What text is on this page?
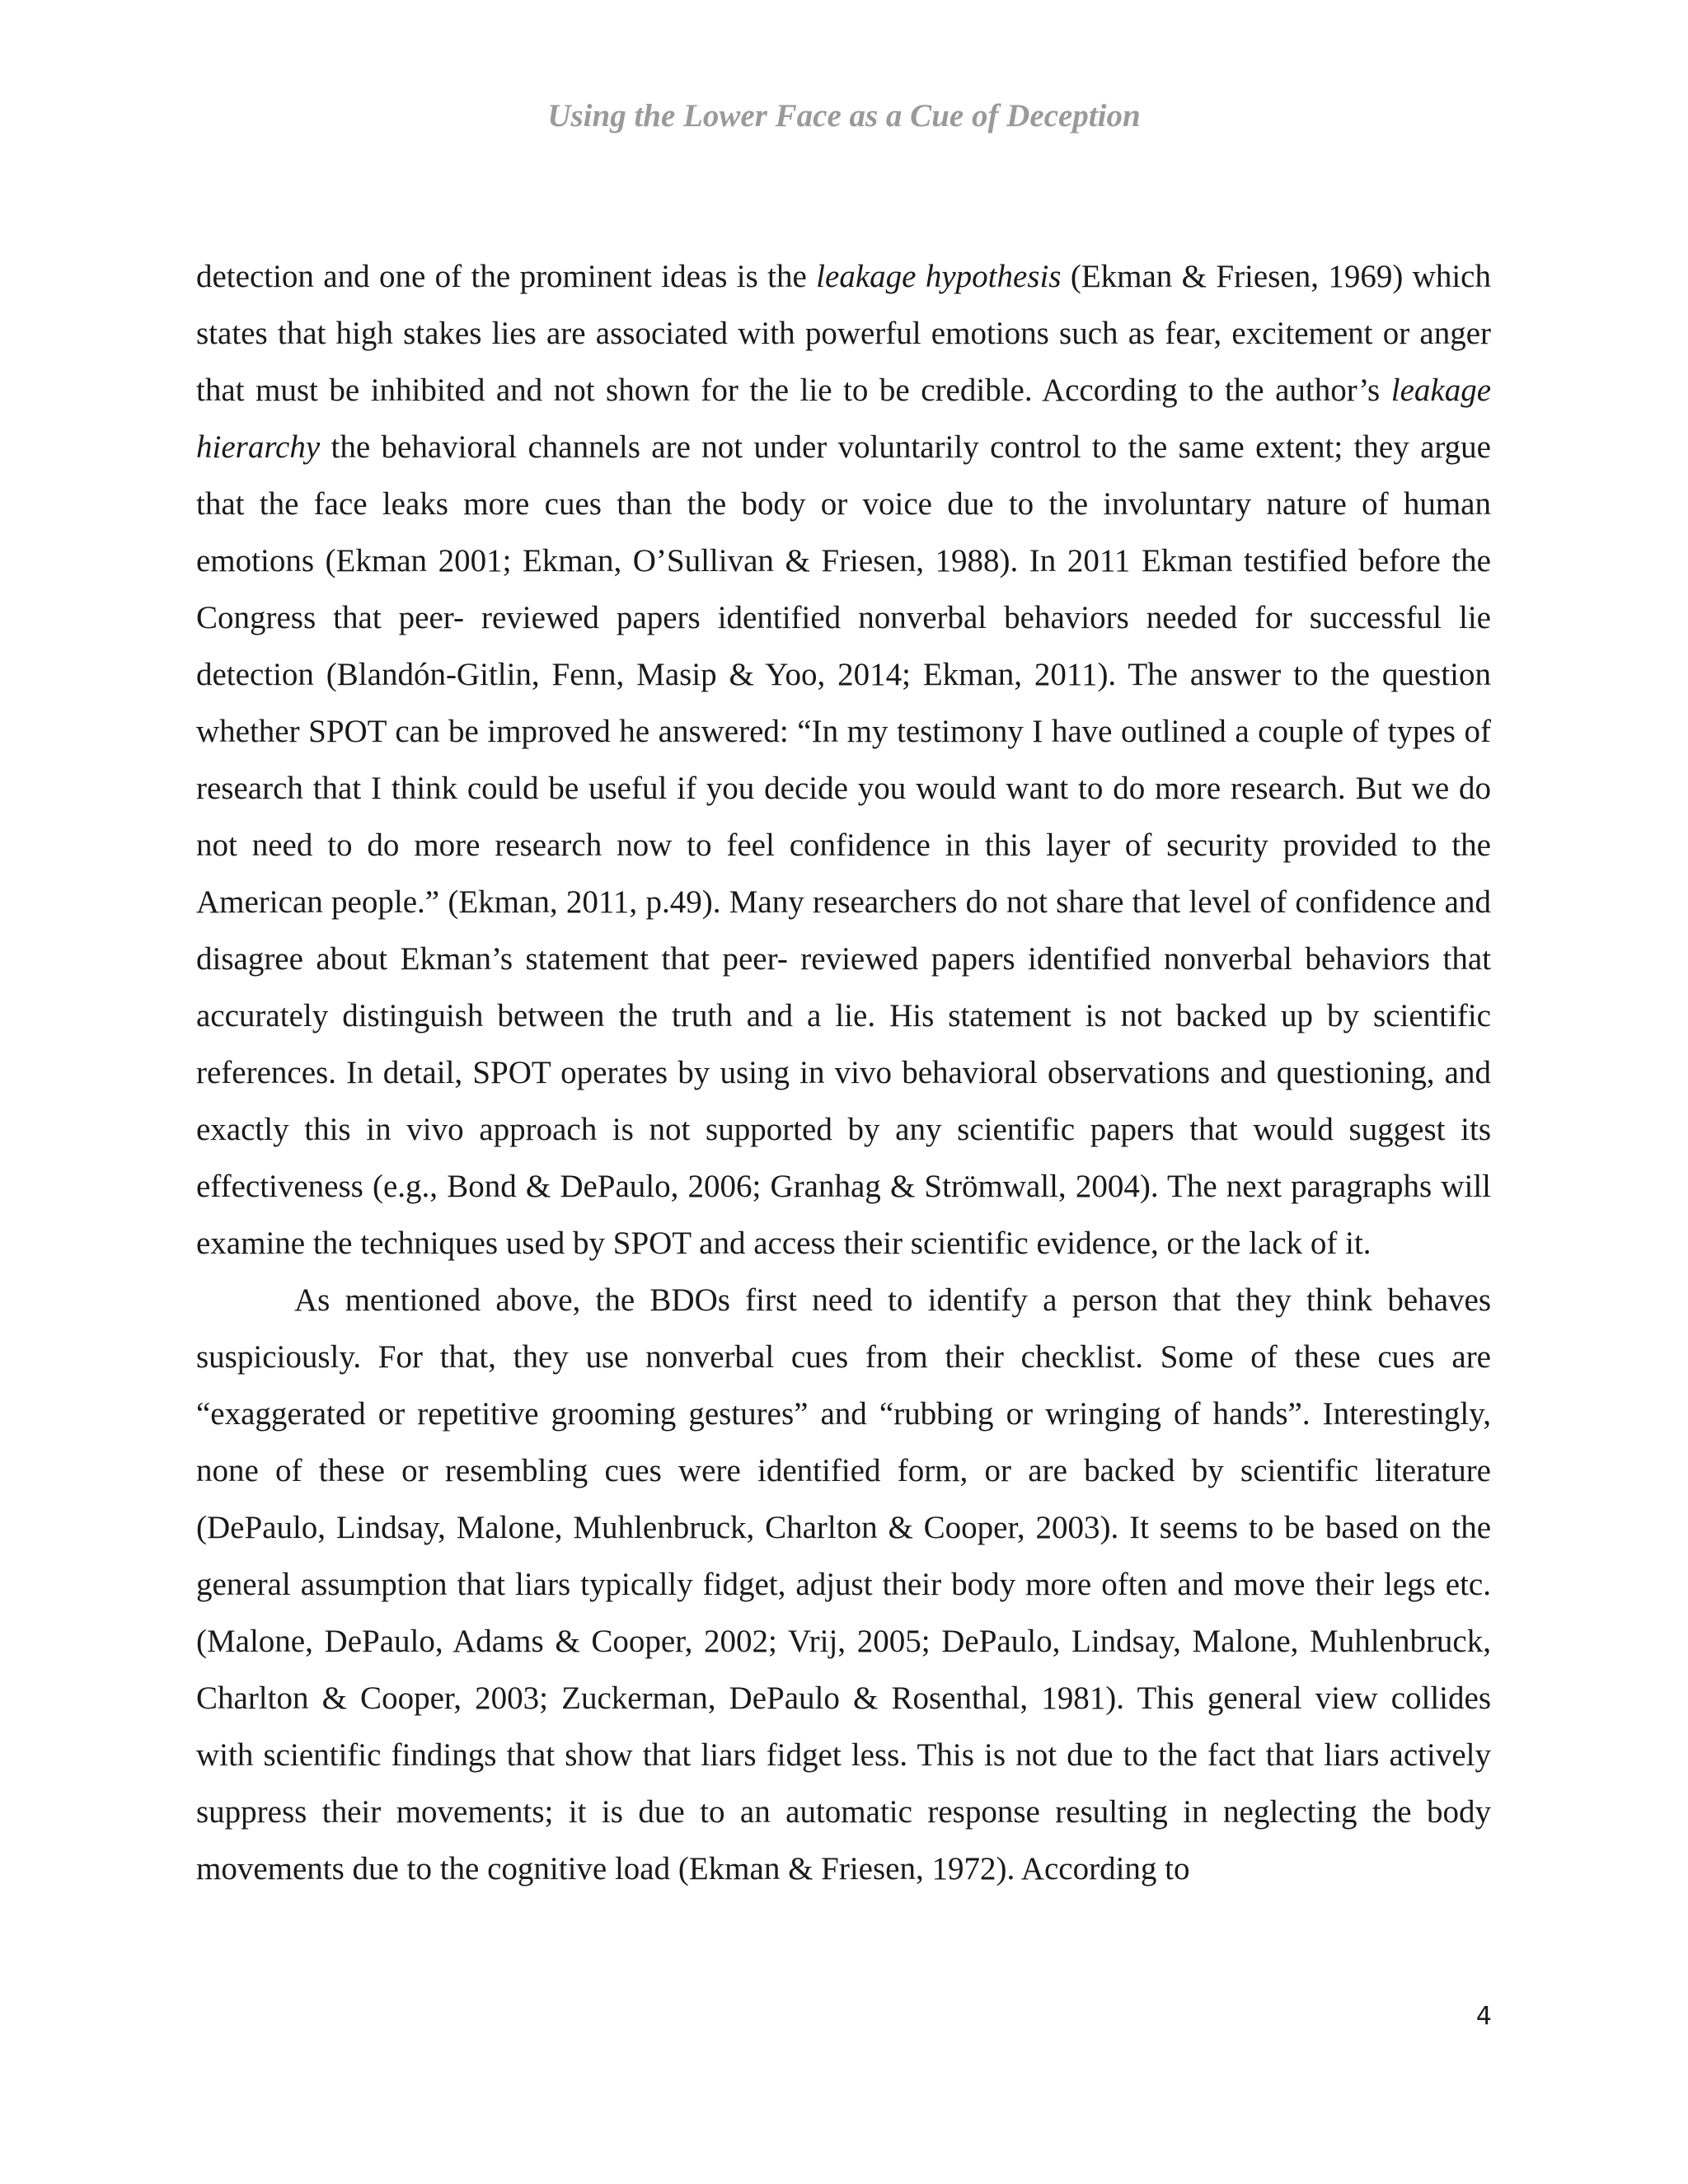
Using the Lower Face as a Cue of Deception

detection and one of the prominent ideas is the leakage hypothesis (Ekman & Friesen, 1969) which states that high stakes lies are associated with powerful emotions such as fear, excitement or anger that must be inhibited and not shown for the lie to be credible. According to the author’s leakage hierarchy the behavioral channels are not under voluntarily control to the same extent; they argue that the face leaks more cues than the body or voice due to the involuntary nature of human emotions (Ekman 2001; Ekman, O’Sullivan & Friesen, 1988). In 2011 Ekman testified before the Congress that peer- reviewed papers identified nonverbal behaviors needed for successful lie detection (Blandón-Gitlin, Fenn, Masip & Yoo, 2014; Ekman, 2011). The answer to the question whether SPOT can be improved he answered: “In my testimony I have outlined a couple of types of research that I think could be useful if you decide you would want to do more research. But we do not need to do more research now to feel confidence in this layer of security provided to the American people.” (Ekman, 2011, p.49). Many researchers do not share that level of confidence and disagree about Ekman’s statement that peer- reviewed papers identified nonverbal behaviors that accurately distinguish between the truth and a lie. His statement is not backed up by scientific references. In detail, SPOT operates by using in vivo behavioral observations and questioning, and exactly this in vivo approach is not supported by any scientific papers that would suggest its effectiveness (e.g., Bond & DePaulo, 2006; Granhag & Strömwall, 2004). The next paragraphs will examine the techniques used by SPOT and access their scientific evidence, or the lack of it.

As mentioned above, the BDOs first need to identify a person that they think behaves suspiciously. For that, they use nonverbal cues from their checklist. Some of these cues are “exaggerated or repetitive grooming gestures” and “rubbing or wringing of hands”. Interestingly, none of these or resembling cues were identified form, or are backed by scientific literature (DePaulo, Lindsay, Malone, Muhlenbruck, Charlton & Cooper, 2003). It seems to be based on the general assumption that liars typically fidget, adjust their body more often and move their legs etc. (Malone, DePaulo, Adams & Cooper, 2002; Vrij, 2005; DePaulo, Lindsay, Malone, Muhlenbruck, Charlton & Cooper, 2003; Zuckerman, DePaulo & Rosenthal, 1981). This general view collides with scientific findings that show that liars fidget less. This is not due to the fact that liars actively suppress their movements; it is due to an automatic response resulting in neglecting the body movements due to the cognitive load (Ekman & Friesen, 1972). According to

4
